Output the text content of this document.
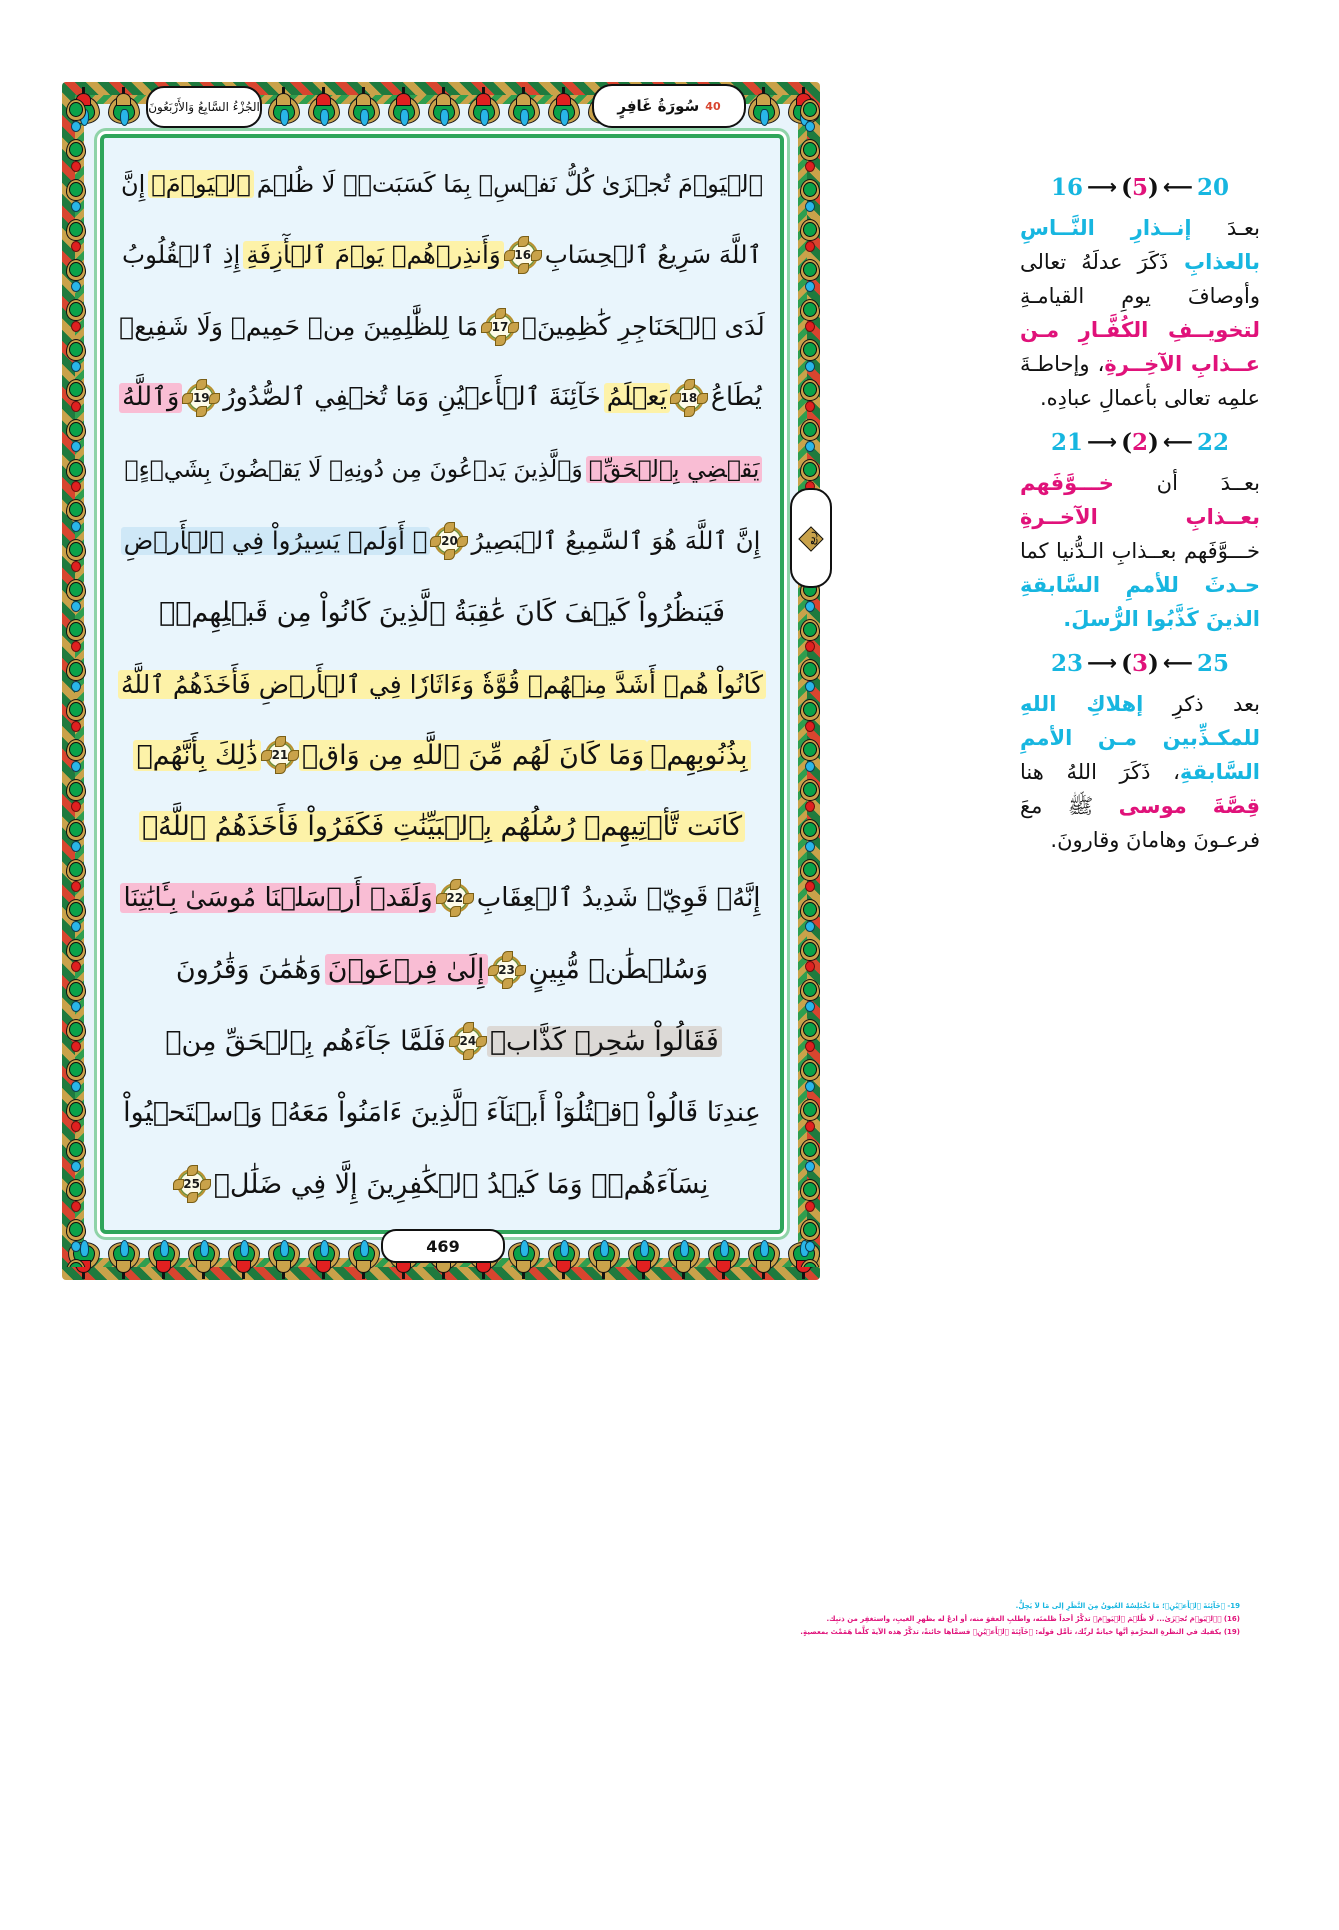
الجُزْءُ السَّابِعُ وَالأَرْبَعُونَ	40
سُورَةُ غَافِرٍ
ربع
ٱلۡيَوۡمَ تُجۡزَىٰ كُلُّ نَفۡسِۭ بِمَا كَسَبَتۡۚ لَا ظُلۡمَ
ٱلۡيَوۡمَۚ
إِنَّ
ٱللَّهَ سَرِيعُ ٱلۡحِسَابِ
16
وَأَنذِرۡهُمۡ يَوۡمَ ٱلۡأٓزِفَةِ
إِذِ ٱلۡقُلُوبُ
لَدَى ٱلۡحَنَاجِرِ كَٰظِمِينَۚ
17
مَا لِلظَّٰلِمِينَ مِنۡ حَمِيمٖ وَلَا شَفِيعٖ
يُطَاعُ
18
يَعۡلَمُ
خَآئِنَةَ ٱلۡأَعۡيُنِ وَمَا تُخۡفِي ٱلصُّدُورُ
19
وَٱللَّهُ
يَقۡضِي بِٱلۡحَقِّۖ
وَٱلَّذِينَ يَدۡعُونَ مِن دُونِهِۦ لَا يَقۡضُونَ بِشَيۡءٍۗ
إِنَّ ٱللَّهَ هُوَ ٱلسَّمِيعُ ٱلۡبَصِيرُ
20
۞ أَوَلَمۡ يَسِيرُواْ فِي ٱلۡأَرۡضِ
فَيَنظُرُواْ كَيۡفَ كَانَ عَٰقِبَةُ ٱلَّذِينَ كَانُواْ مِن قَبۡلِهِمۡۚ
كَانُواْ هُمۡ أَشَدَّ مِنۡهُمۡ قُوَّةٗ وَءَاثَارٗا فِي ٱلۡأَرۡضِ فَأَخَذَهُمُ ٱللَّهُ
بِذُنُوبِهِمۡ
وَمَا كَانَ لَهُم مِّنَ ٱللَّهِ مِن وَاقٖ
21
ذَٰلِكَ بِأَنَّهُمۡ
كَانَت تَّأۡتِيهِمۡ رُسُلُهُم بِٱلۡبَيِّنَٰتِ فَكَفَرُواْ فَأَخَذَهُمُ ٱللَّهُۚ
إِنَّهُۥ قَوِيّٞ شَدِيدُ ٱلۡعِقَابِ
22
وَلَقَدۡ أَرۡسَلۡنَا مُوسَىٰ بِـَٔايَٰتِنَا
وَسُلۡطَٰنٖ مُّبِينٍ
23
إِلَىٰ فِرۡعَوۡنَ
وَهَٰمَٰنَ وَقَٰرُونَ
فَقَالُواْ سَٰحِرٞ كَذَّابٞ
24
فَلَمَّا جَآءَهُم بِٱلۡحَقِّ مِنۡ
عِندِنَا قَالُواْ ٱقۡتُلُوٓاْ أَبۡنَآءَ ٱلَّذِينَ ءَامَنُواْ مَعَهُۥ وَٱسۡتَحۡيُواْ
نِسَآءَهُمۡۚ وَمَا كَيۡدُ ٱلۡكَٰفِرِينَ إِلَّا فِي ضَلَٰلٖ
25
469
20
⟵
(5)
⟶
16

بعـدَ إنــذارِ النَّــاسِ بالعذابِ ذَكَرَ عدلَهُ تعالى وأوصافَ يومِ القيامـةِ لتخويــفِ الكُفَّـارِ مـن عــذابِ الآخِــرةِ، وإحاطـةَ علمِه تعالى بأعمالِ عبادِه.

22
⟵
(2)
⟶
21

بعــدَ أن خـــوَّفَهم بعــذابِ الآخــرةِ خـــوَّفَهم بعــذابِ الـدُّنيا كما حـدثَ للأممِ السَّابقةِ الذينَ كَذَّبُوا الرُّسلَ.

25
⟵
(3)
⟶
23

بعد ذكرِ إهلاكِ اللهِ للمكـذِّبين مـن الأممِ السَّابقةِ، ذَكَرَ اللهُ هنا قِصَّةَ موسى ﷺ معَ فرعـونَ وهامانَ وقارونَ.

19- ﴿خَآئِنَةَ ٱلۡأَعۡيُنِ﴾؛ مَا تَخْتَلِسُهُ العُيونُ مِنَ النَّظَرِ إلى مَا لاَ يَحِلُّ.

(16) ﴿ٱلۡيَوۡمَ تُجۡزَىٰ... لَا ظُلۡمَ ٱلۡيَوۡمَ﴾ تذكَّرْ أحداً ظلمتَه، واطلبِ العفوَ منه، أو ادعُ له بظهرِ الغيبِ، واستغفِر من ذنبِك.

(19) يكفيك في النظرةِ المحرَّمةِ أنَّها خيانةٌ لربِّك، تأمَّل قولَه: ﴿خَآئِنَةَ ٱلۡأَعۡيُنِ﴾ فسمَّاها خائنةً، تذكَّرْ هذه الآيةَ كلَّما هَمَمْتَ بمعصيةٍ.
